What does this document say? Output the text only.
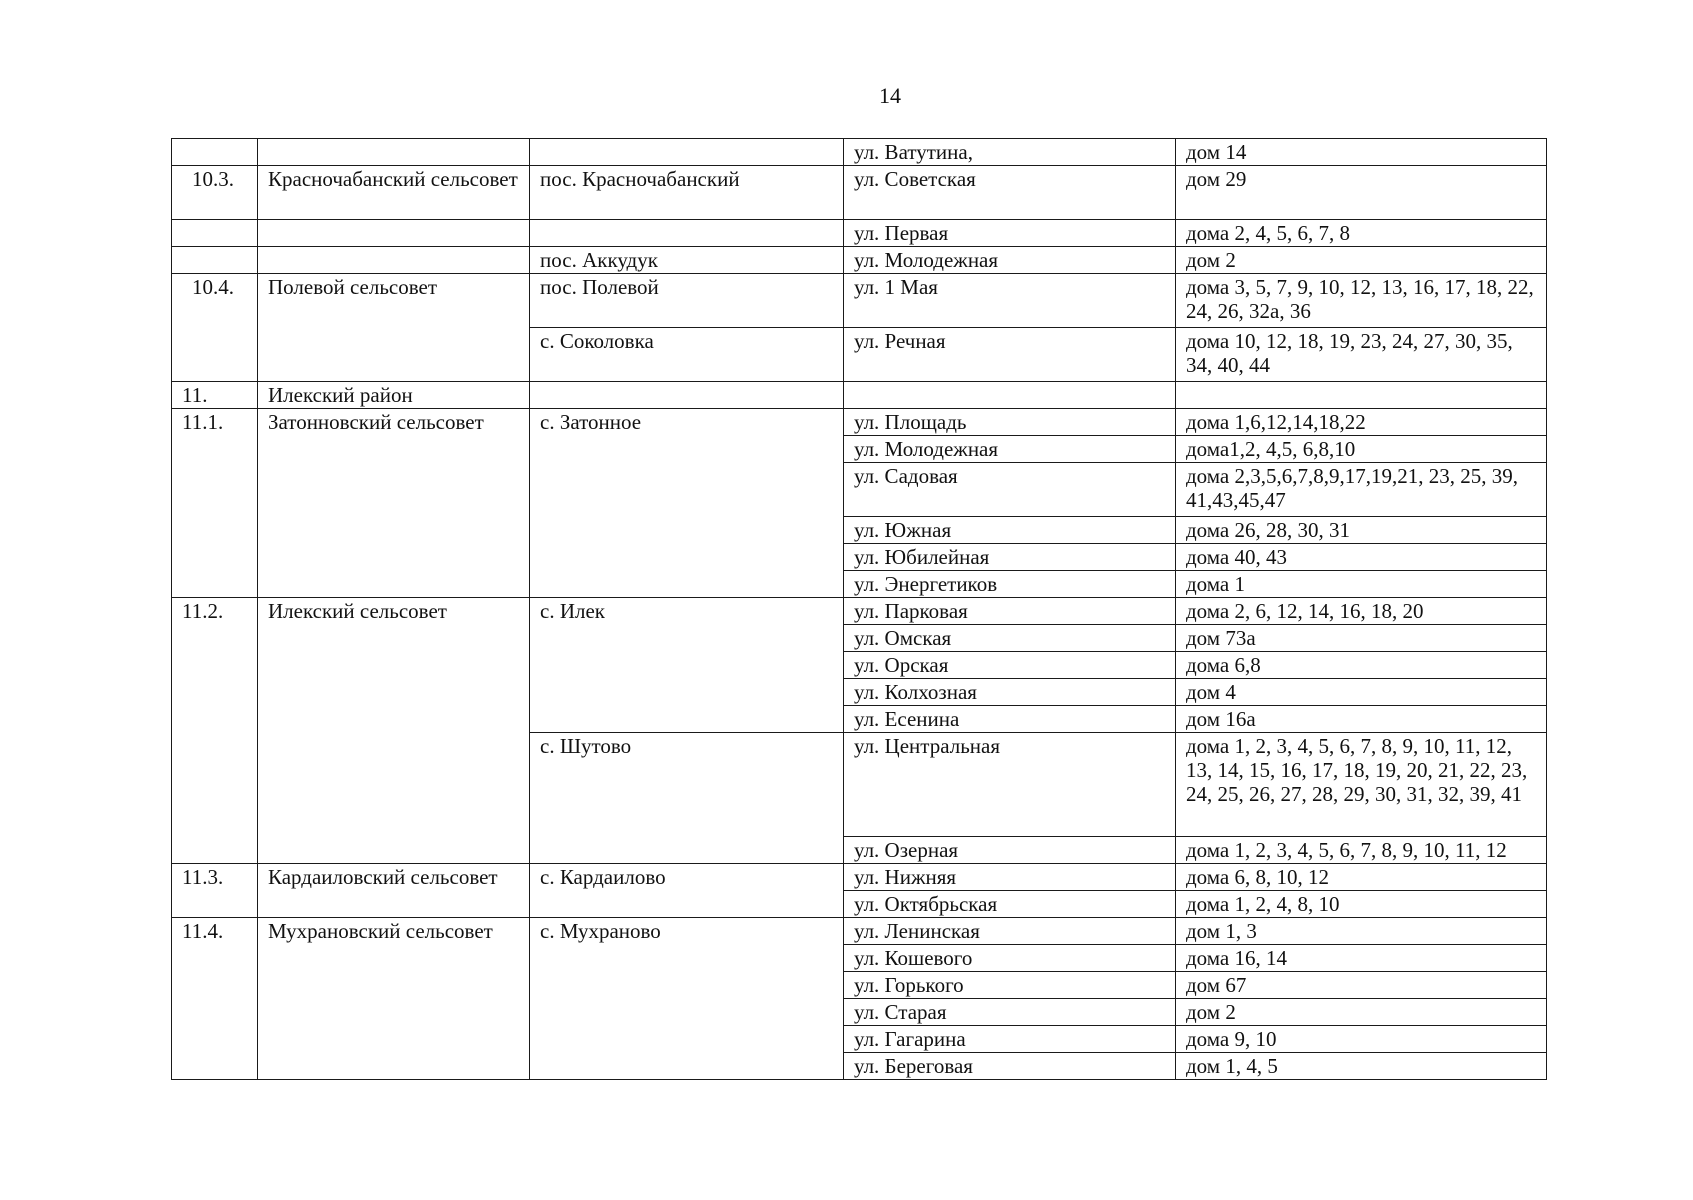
14
			ул. Ватутина,	дом 14
10.3.	Красночабанский сельсовет	пос. Красночабанский	ул. Советская	дом 29
			ул. Первая	дома 2, 4, 5, 6, 7, 8
		пос. Аккудук	ул. Молодежная	дом 2
10.4.	Полевой сельсовет	пос. Полевой	ул. 1 Мая	дома 3, 5, 7, 9, 10, 12, 13, 16, 17, 18, 22, 24, 26, 32а, 36
		с. Соколовка	ул. Речная	дома 10, 12, 18, 19, 23, 24, 27, 30, 35, 34, 40, 44
11.	Илекский район			
11.1.	Затонновский сельсовет	с. Затонное	ул. Площадь	дома 1,6,12,14,18,22
			ул. Молодежная	дома1,2, 4,5, 6,8,10
			ул. Садовая	дома 2,3,5,6,7,8,9,17,19,21, 23, 25, 39, 41,43,45,47
			ул. Южная	дома 26, 28, 30, 31
			ул. Юбилейная	дома 40, 43
			ул. Энергетиков	дома 1
11.2.	Илекский сельсовет	с. Илек	ул. Парковая	дома 2, 6, 12, 14, 16, 18, 20
			ул. Омская	дом 73а
			ул. Орская	дома 6,8
			ул. Колхозная	дом 4
			ул. Есенина	дом 16а
		с. Шутово	ул. Центральная	дома 1, 2, 3, 4, 5, 6, 7, 8, 9, 10, 11, 12, 13, 14, 15, 16, 17, 18, 19, 20, 21, 22, 23, 24, 25, 26, 27, 28, 29, 30, 31, 32, 39, 41
			ул. Озерная	дома 1, 2, 3, 4, 5, 6, 7, 8, 9, 10, 11, 12
11.3.	Кардаиловский сельсовет	с. Кардаилово	ул. Нижняя	дома 6, 8, 10, 12
			ул. Октябрьская	дома 1, 2, 4, 8, 10
11.4.	Мухрановский сельсовет	с. Мухраново	ул. Ленинская	дом 1, 3
			ул. Кошевого	дома 16, 14
			ул. Горького	дом 67
			ул. Старая	дом 2
			ул. Гагарина	дома 9, 10
			ул. Береговая	дом 1, 4, 5
